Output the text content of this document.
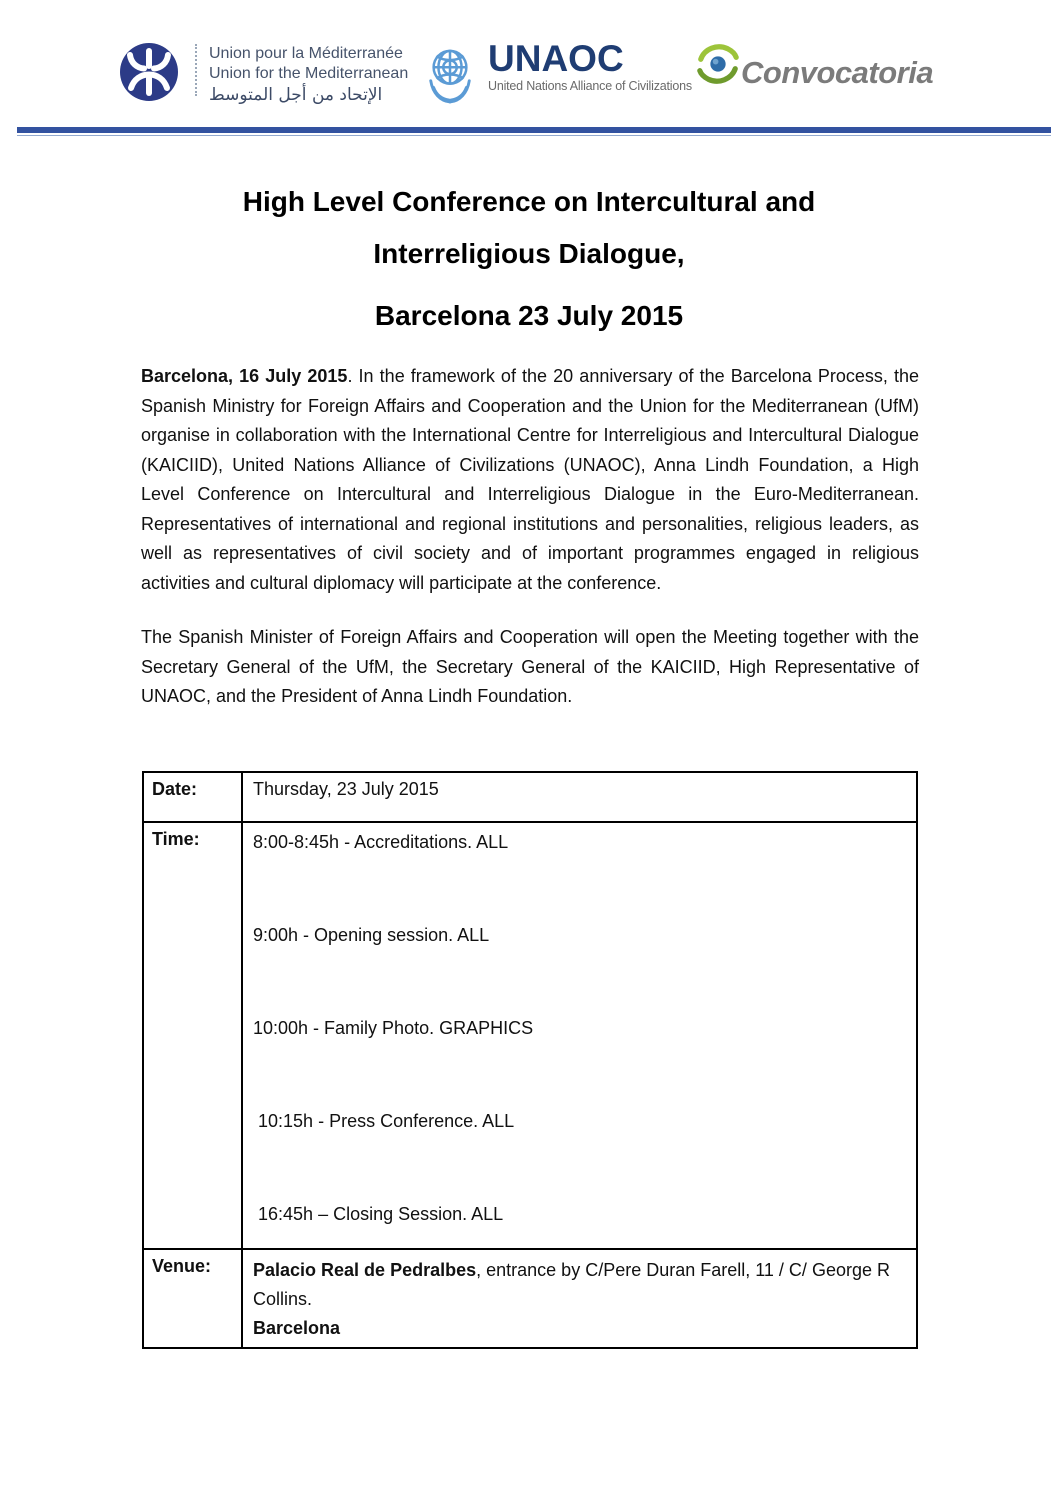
Union pour la Méditerranée
Union for the Mediterranean
الإتحاد من أجل المتوسط
UNAOC
United Nations Alliance of Civilizations Convocatoria
High Level Conference on Intercultural and
Interreligious Dialogue,
Barcelona 23 July 2015

Barcelona, 16 July 2015. In the framework of the 20 anniversary of the Barcelona Process, the Spanish Ministry for Foreign Affairs and Cooperation and the Union for the Mediterranean (UfM) organise in collaboration with the International Centre for Interreligious and Intercultural Dialogue (KAICIID), United Nations Alliance of Civilizations (UNAOC), Anna Lindh Foundation, a High Level Conference on Intercultural and Interreligious Dialogue in the Euro-Mediterranean. Representatives of international and regional institutions and personalities, religious leaders, as well as representatives of civil society and of important programmes engaged in religious activities and cultural diplomacy will participate at the conference.

The Spanish Minister of Foreign Affairs and Cooperation will open the Meeting together with the Secretary General of the UfM, the Secretary General of the KAICIID, High Representative of UNAOC, and the President of Anna Lindh Foundation.

Date:	Thursday, 23 July 2015
Time:	8:00-8:45h - Accreditations. ALL
9:00h - Opening session. ALL
10:00h - Family Photo. GRAPHICS
10:15h - Press Conference. ALL
16:45h – Closing Session. ALL

Venue:	Palacio Real de Pedralbes, entrance by C/Pere Duran Farell, 11 / C/ George R Collins.
Barcelona
